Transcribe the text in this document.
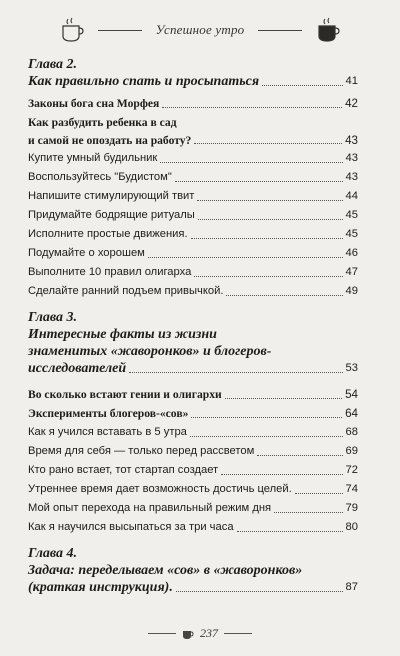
Успешное утро
Глава 2.
Как правильно спать и просыпаться	41
Законы бога сна Морфея	42
Как разбудить ребенка в сад
и самой не опоздать на работу?	43
Купите умный будильник	43
Воспользуйтесь "Будистом"	43
Напишите стимулирующий твит	44
Придумайте бодрящие ритуалы	45
Исполните простые движения.	45
Подумайте о хорошем	46
Выполните 10 правил олигарха	47
Сделайте ранний подъем привычкой.	49
Глава 3.
Интересные факты из жизни
знаменитых «жаворонков» и блогеров-
исследователей	53
Во сколько встают гении и олигархи	54
Эксперименты блогеров-«сов»	64
Как я учился вставать в 5 утра	68
Время для себя — только перед рассветом	69
Кто рано встает, тот стартап создает	72
Утреннее время дает возможность достичь целей.	74
Мой опыт перехода на правильный режим дня	79
Как я научился высыпаться за три часа	80
Глава 4.
Задача: переделываем «сов» в «жаворонков»
(краткая инструкция).	87
237
